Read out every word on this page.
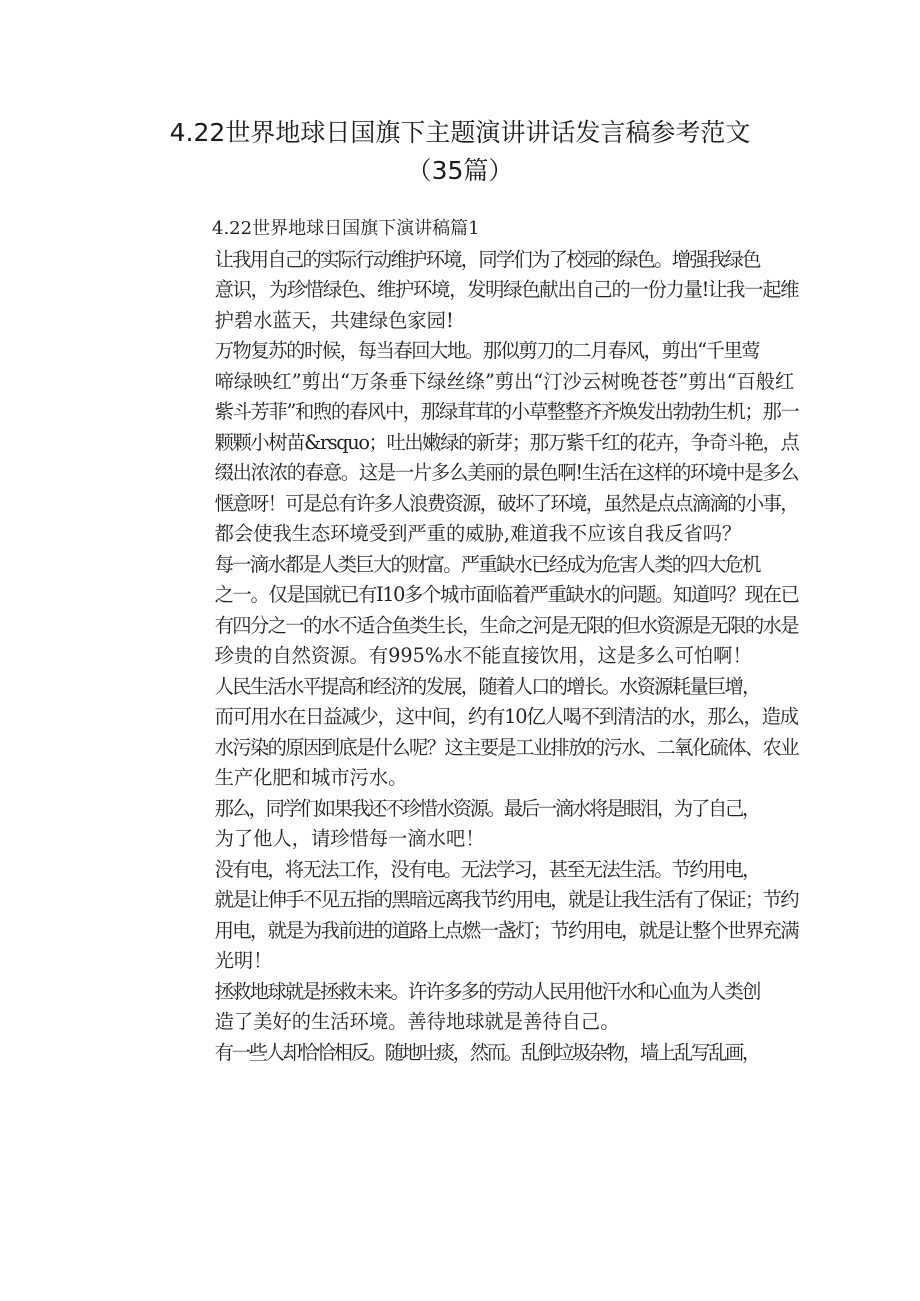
4.22世界地球日国旗下主题演讲讲话发言稿参考范文
（35篇）

4.22世界地球日国旗下演讲稿篇1

让我用自己的实际行动维护环境，同学们为了校园的绿色。增强我绿色
意识，为珍惜绿色、维护环境，发明绿色献出自己的一份力量!让我一起维
护碧水蓝天，共建绿色家园!

万物复苏的时候，每当春回大地。那似剪刀的二月春风，剪出“千里莺
啼绿映红”剪出“万条垂下绿丝绦”剪出“汀沙云树晚苍苍”剪出“百般红
紫斗芳菲”和煦的春风中，那绿茸茸的小草整整齐齐焕发出勃勃生机；那一
颗颗小树苗&rsquo；吐出嫩绿的新芽；那万紫千红的花卉，争奇斗艳，点
缀出浓浓的春意。这是一片多么美丽的景色啊!生活在这样的环境中是多么
惬意呀！可是总有许多人浪费资源，破坏了环境，虽然是点点滴滴的小事，
都会使我生态环境受到严重的威胁,难道我不应该自我反省吗？

每一滴水都是人类巨大的财富。严重缺水已经成为危害人类的四大危机
之一。仅是国就已有I10多个城市面临着严重缺水的问题。知道吗？现在已
有四分之一的水不适合鱼类生长，生命之河是无限的但水资源是无限的水是
珍贵的自然资源。有995%水不能直接饮用，这是多么可怕啊！

人民生活水平提高和经济的发展，随着人口的增长。水资源耗量巨增，
而可用水在日益减少，这中间，约有10亿人喝不到清洁的水，那么，造成
水污染的原因到底是什么呢？这主要是工业排放的污水、二氧化硫体、农业
生产化肥和城市污水。

那么，同学们如果我还不珍惜水资源。最后一滴水将是眼泪，为了自己，
为了他人，请珍惜每一滴水吧！

没有电，将无法工作，没有电。无法学习，甚至无法生活。节约用电，
就是让伸手不见五指的黑暗远离我节约用电，就是让我生活有了保证；节约
用电，就是为我前进的道路上点燃一盏灯；节约用电，就是让整个世界充满
光明！

拯救地球就是拯救未来。许许多多的劳动人民用他汗水和心血为人类创
造了美好的生活环境。善待地球就是善待自己。

有一些人却恰恰相反。随地吐痰，然而。乱倒垃圾杂物，墙上乱写乱画，
